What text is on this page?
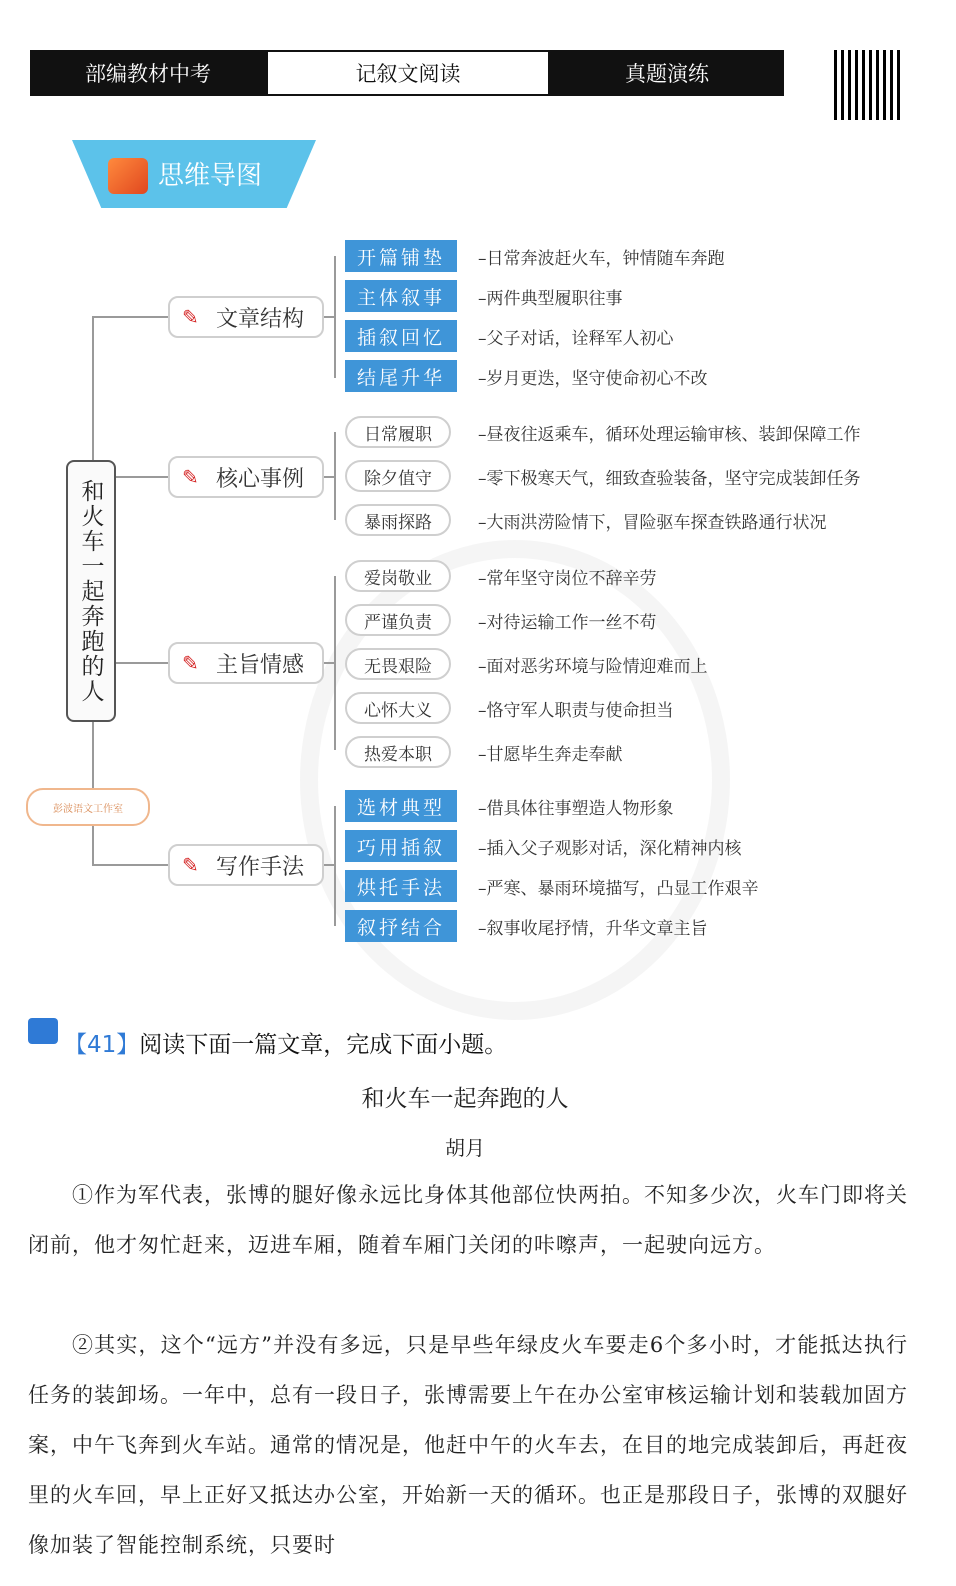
部编教材中考	记叙文阅读	真题演练
思维导图
和火车一起奔跑的人
✎ 文章结构
✎ 核心事例
✎ 主旨情感
✎ 写作手法
开篇铺垫	–日常奔波赶火车，钟情随车奔跑
主体叙事	–两件典型履职往事
插叙回忆	–父子对话，诠释军人初心
结尾升华	–岁月更迭，坚守使命初心不改
日常履职	–昼夜往返乘车，循环处理运输审核、装卸保障工作
除夕值守	–零下极寒天气，细致查验装备，坚守完成装卸任务
暴雨探路	–大雨洪涝险情下，冒险驱车探查铁路通行状况
爱岗敬业	–常年坚守岗位不辞辛劳
严谨负责	–对待运输工作一丝不苟
无畏艰险	–面对恶劣环境与险情迎难而上
心怀大义	–恪守军人职责与使命担当
热爱本职	–甘愿毕生奔走奉献
选材典型	–借具体往事塑造人物形象
巧用插叙	–插入父子观影对话，深化精神内核
烘托手法	–严寒、暴雨环境描写，凸显工作艰辛
叙抒结合	–叙事收尾抒情，升华文章主旨
彭波语文工作室
【41】阅读下面一篇文章，完成下面小题。
和火车一起奔跑的人
胡月
①作为军代表，张博的腿好像永远比身体其他部位快两拍。不知多少次，火车门即将关闭前，他才匆忙赶来，迈进车厢，随着车厢门关闭的咔嚓声，一起驶向远方。
②其实，这个“远方”并没有多远，只是早些年绿皮火车要走6个多小时，才能抵达执行任务的装卸场。一年中，总有一段日子，张博需要上午在办公室审核运输计划和装载加固方案，中午飞奔到火车站。通常的情况是，他赶中午的火车去，在目的地完成装卸后，再赶夜里的火车回，早上正好又抵达办公室，开始新一天的循环。也正是那段日子，张博的双腿好像加装了智能控制系统，只要时
